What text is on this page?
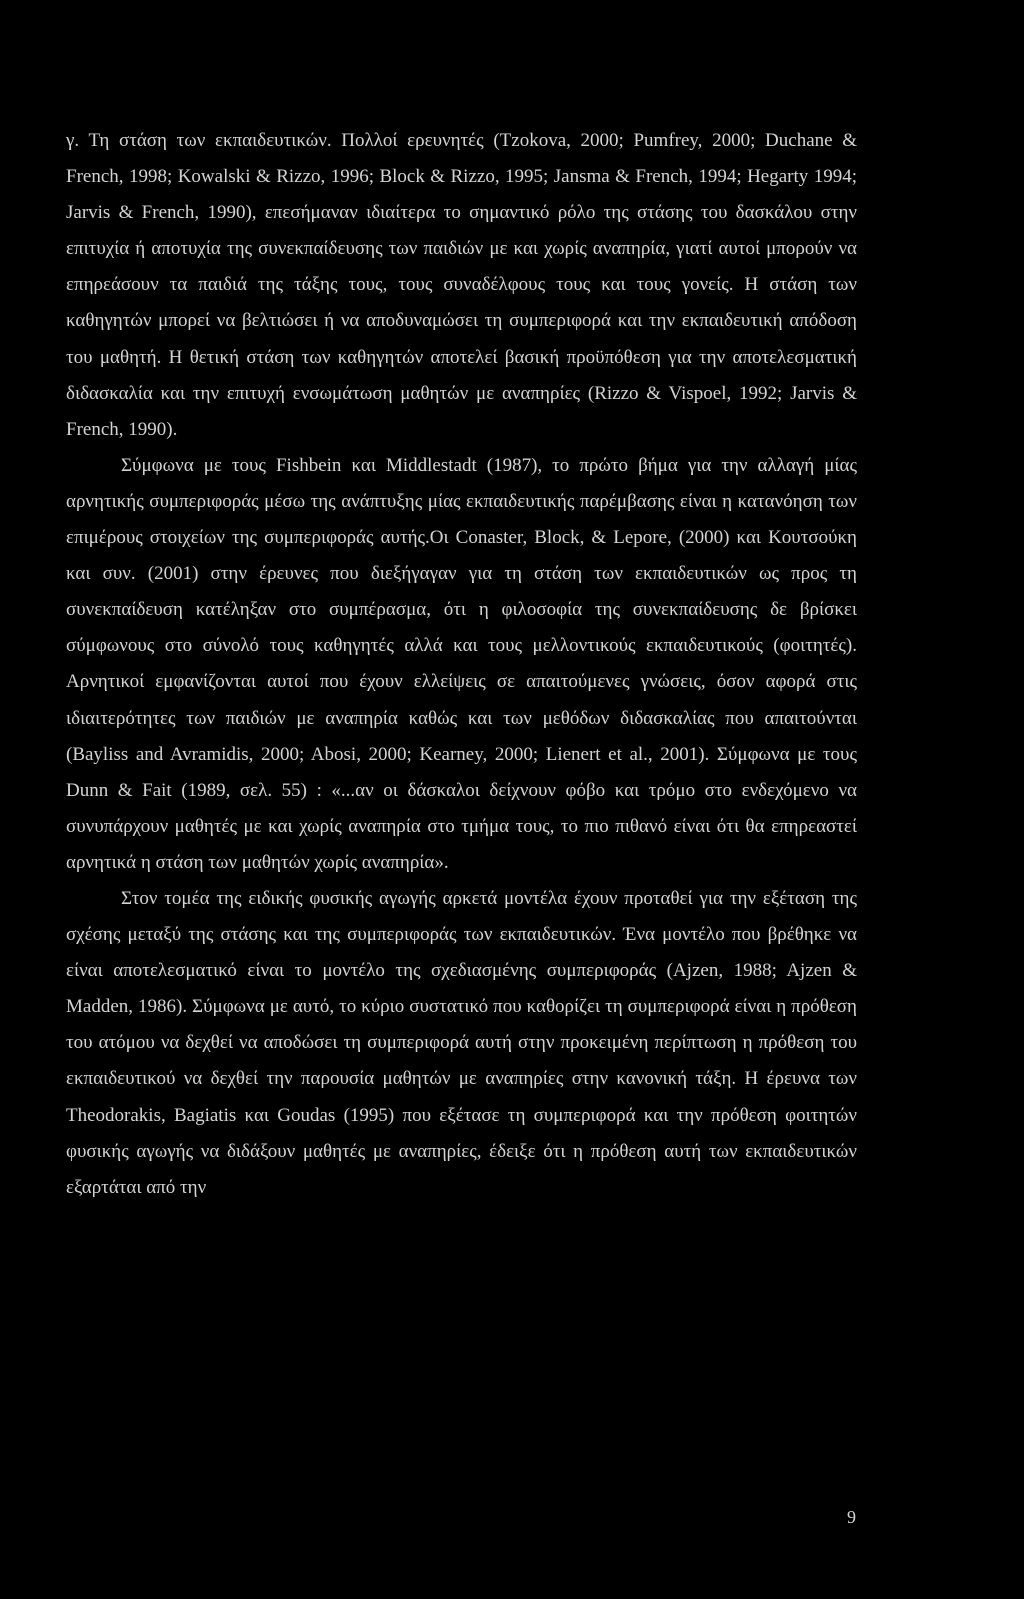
γ. Τη στάση των εκπαιδευτικών. Πολλοί ερευνητές (Tzokova, 2000; Pumfrey, 2000; Duchane & French, 1998; Kowalski & Rizzo, 1996; Block & Rizzo, 1995; Jansma & French, 1994; Hegarty 1994; Jarvis & French, 1990), επεσήμαναν ιδιαίτερα το σημαντικό ρόλο της στάσης του δασκάλου στην επιτυχία ή αποτυχία της συνεκπαίδευσης των παιδιών με και χωρίς αναπηρία, γιατί αυτοί μπορούν να επηρεάσουν τα παιδιά της τάξης τους, τους συναδέλφους τους και τους γονείς. Η στάση των καθηγητών μπορεί να βελτιώσει ή να αποδυναμώσει τη συμπεριφορά και την εκπαιδευτική απόδοση του μαθητή. Η θετική στάση των καθηγητών αποτελεί βασική προϋπόθεση για την αποτελεσματική διδασκαλία και την επιτυχή ενσωμάτωση μαθητών με αναπηρίες (Rizzo & Vispoel, 1992; Jarvis & French, 1990).

Σύμφωνα με τους Fishbein και Middlestadt (1987), το πρώτο βήμα για την αλλαγή μίας αρνητικής συμπεριφοράς μέσω της ανάπτυξης μίας εκπαιδευτικής παρέμβασης είναι η κατανόηση των επιμέρους στοιχείων της συμπεριφοράς αυτής.Οι Conaster, Block, & Lepore, (2000) και Κουτσούκη και συν. (2001) στην έρευνες που διεξήγαγαν για τη στάση των εκπαιδευτικών ως προς τη συνεκπαίδευση κατέληξαν στο συμπέρασμα, ότι η φιλοσοφία της συνεκπαίδευσης δε βρίσκει σύμφωνους στο σύνολό τους καθηγητές αλλά και τους μελλοντικούς εκπαιδευτικούς (φοιτητές). Αρνητικοί εμφανίζονται αυτοί που έχουν ελλείψεις σε απαιτούμενες γνώσεις, όσον αφορά στις ιδιαιτερότητες των παιδιών με αναπηρία καθώς και των μεθόδων διδασκαλίας που απαιτούνται (Bayliss and Avramidis, 2000; Abosi, 2000; Kearney, 2000; Lienert et al., 2001). Σύμφωνα με τους Dunn & Fait (1989, σελ. 55) : «...αν οι δάσκαλοι δείχνουν φόβο και τρόμο στο ενδεχόμενο να συνυπάρχουν μαθητές με και χωρίς αναπηρία στο τμήμα τους, το πιο πιθανό είναι ότι θα επηρεαστεί αρνητικά η στάση των μαθητών χωρίς αναπηρία».

Στον τομέα της ειδικής φυσικής αγωγής αρκετά μοντέλα έχουν προταθεί για την εξέταση της σχέσης μεταξύ της στάσης και της συμπεριφοράς των εκπαιδευτικών. Ένα μοντέλο που βρέθηκε να είναι αποτελεσματικό είναι το μοντέλο της σχεδιασμένης συμπεριφοράς (Ajzen, 1988; Ajzen & Madden, 1986). Σύμφωνα με αυτό, το κύριο συστατικό που καθορίζει τη συμπεριφορά είναι η πρόθεση του ατόμου να δεχθεί να αποδώσει τη συμπεριφορά αυτή στην προκειμένη περίπτωση η πρόθεση του εκπαιδευτικού να δεχθεί την παρουσία μαθητών με αναπηρίες στην κανονική τάξη. Η έρευνα των Theodorakis, Bagiatis και Goudas (1995) που εξέτασε τη συμπεριφορά και την πρόθεση φοιτητών φυσικής αγωγής να διδάξουν μαθητές με αναπηρίες, έδειξε ότι η πρόθεση αυτή των εκπαιδευτικών εξαρτάται από την

9
